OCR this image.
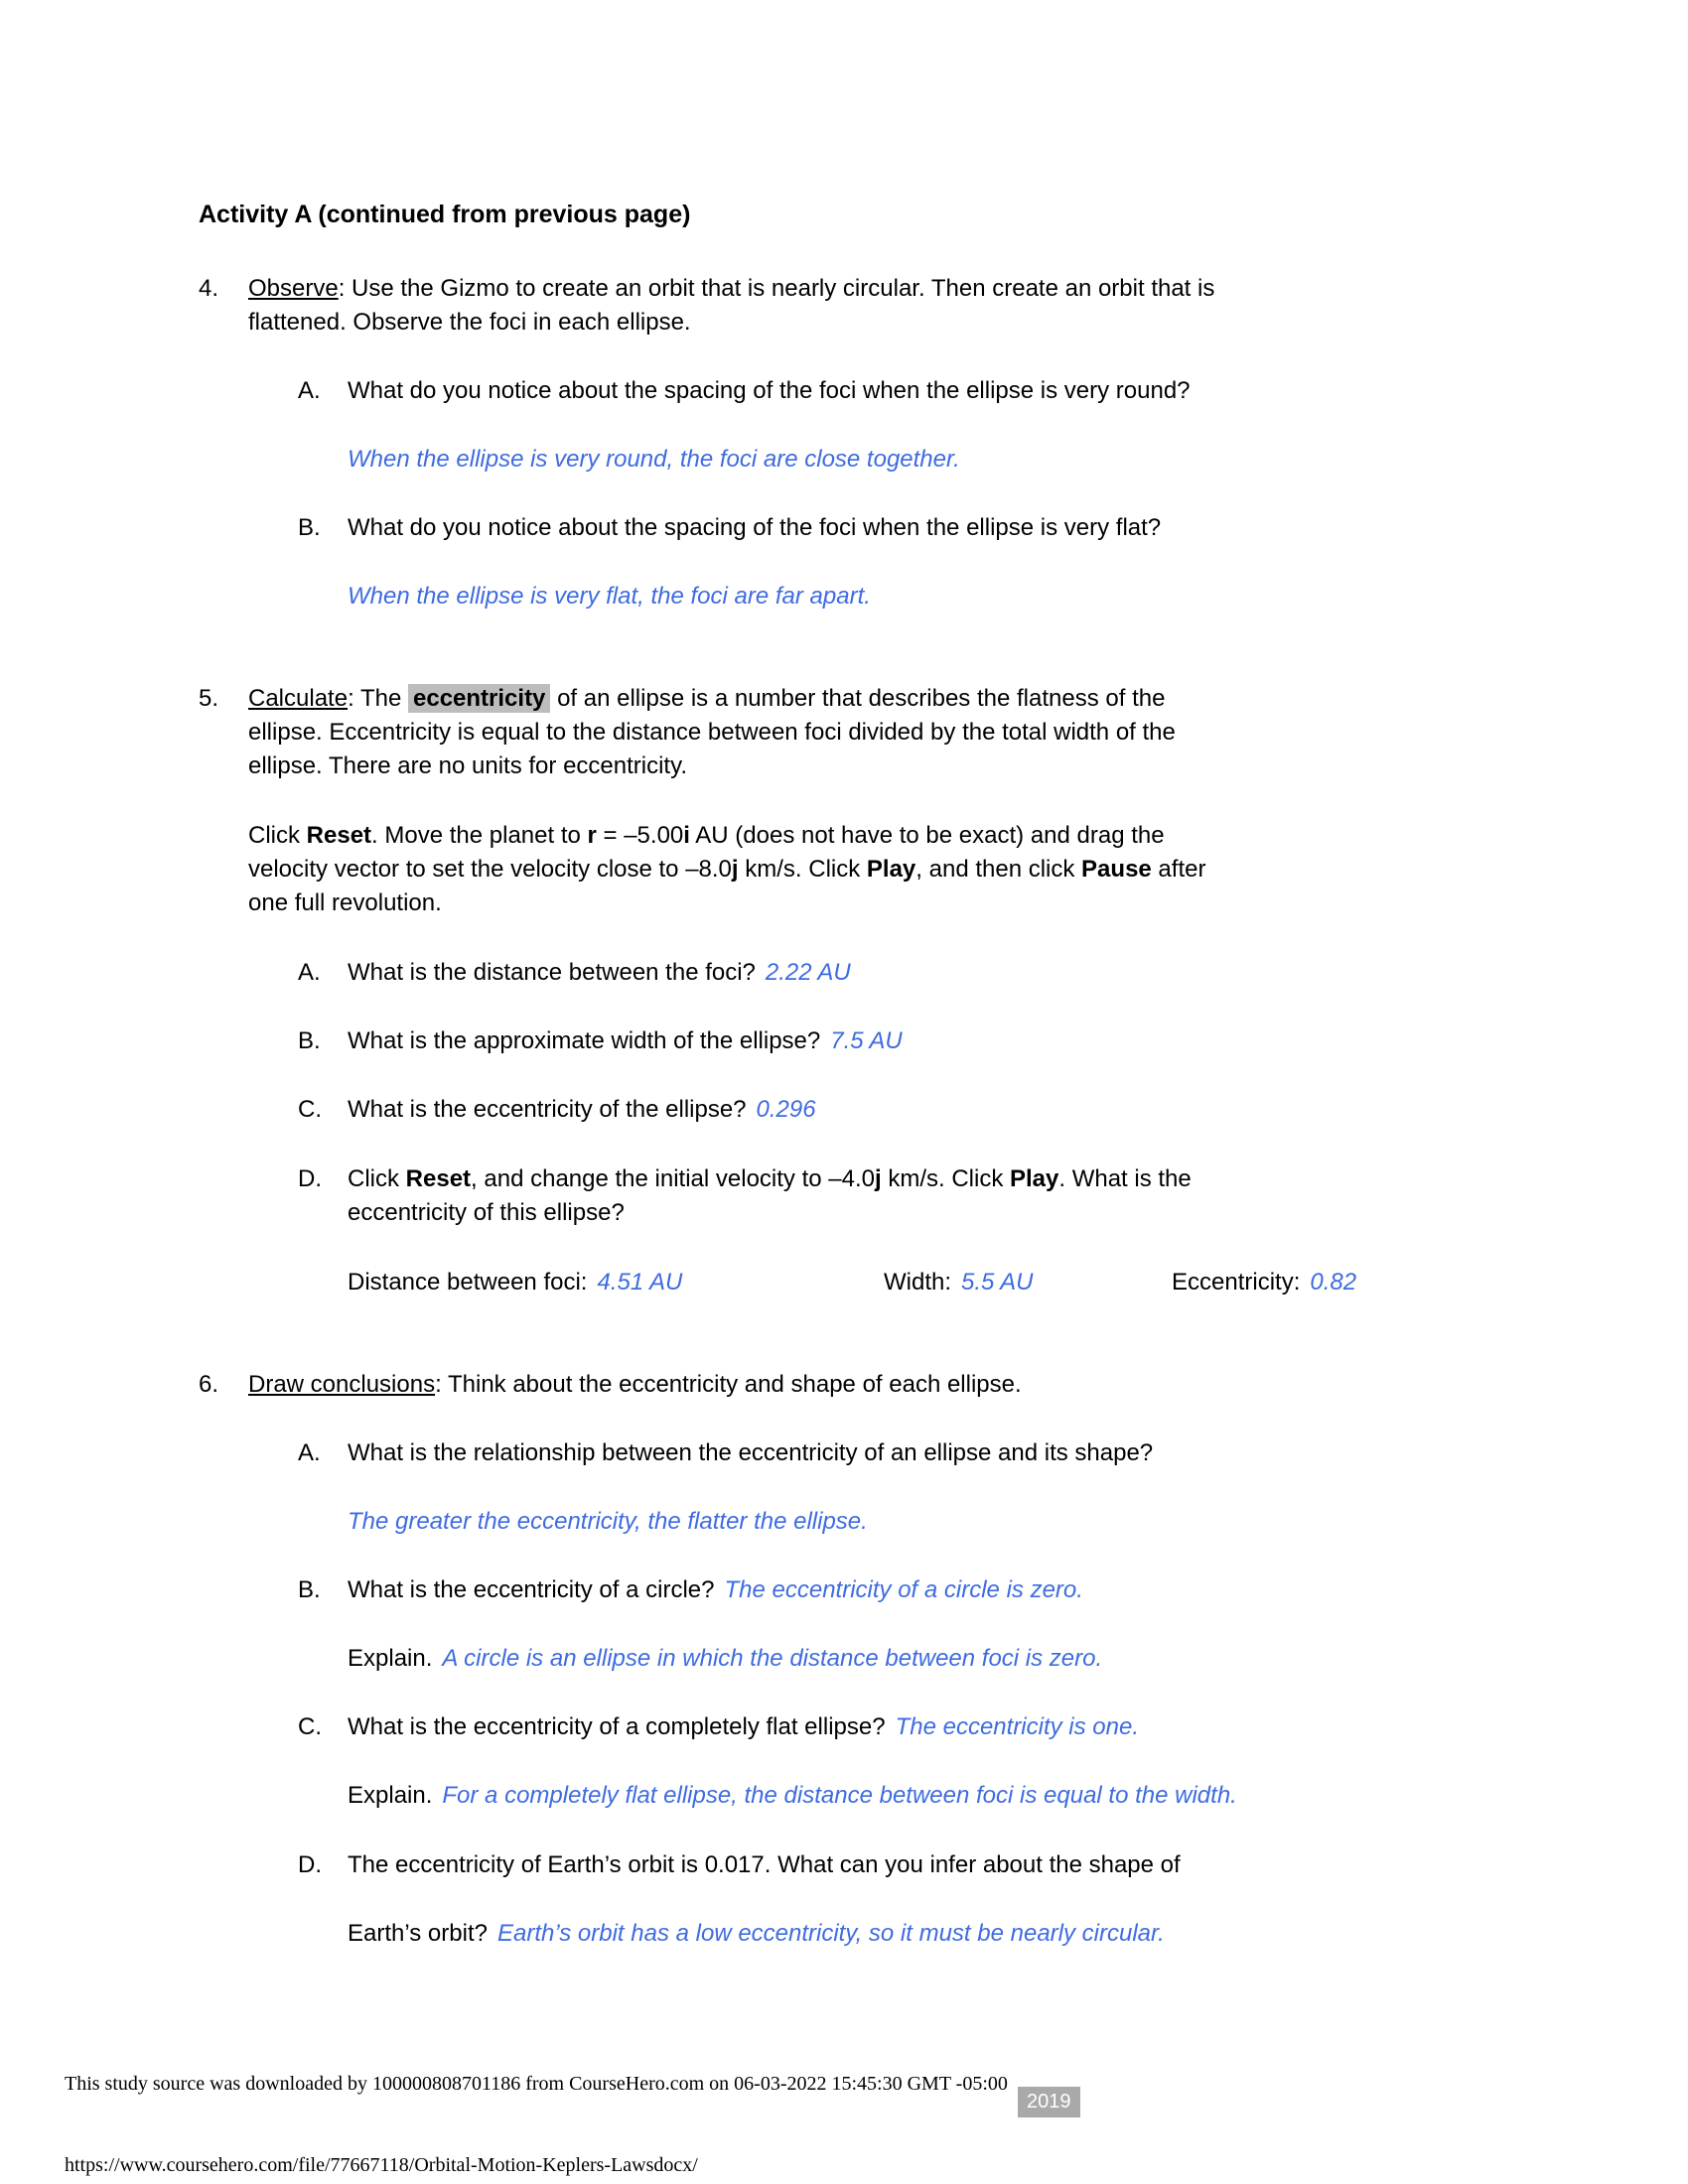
Activity A (continued from previous page)
4. Observe: Use the Gizmo to create an orbit that is nearly circular. Then create an orbit that is
flattened. Observe the foci in each ellipse.
A. What do you notice about the spacing of the foci when the ellipse is very round?
When the ellipse is very round, the foci are close together.
B. What do you notice about the spacing of the foci when the ellipse is very flat?
When the ellipse is very flat, the foci are far apart.
5. Calculate: The eccentricity of an ellipse is a number that describes the flatness of the
ellipse. Eccentricity is equal to the distance between foci divided by the total width of the
ellipse. There are no units for eccentricity.
Click Reset. Move the planet to r = –5.00i AU (does not have to be exact) and drag the
velocity vector to set the velocity close to –8.0j km/s. Click Play, and then click Pause after
one full revolution.
A. What is the distance between the foci? 2.22 AU
B. What is the approximate width of the ellipse? 7.5 AU
C. What is the eccentricity of the ellipse? 0.296
D. Click Reset, and change the initial velocity to –4.0j km/s. Click Play. What is the
eccentricity of this ellipse?
Distance between foci: 4.51 AU	Width: 5.5 AU	Eccentricity: 0.82
6. Draw conclusions: Think about the eccentricity and shape of each ellipse.
A. What is the relationship between the eccentricity of an ellipse and its shape?
The greater the eccentricity, the flatter the ellipse.
B. What is the eccentricity of a circle? The eccentricity of a circle is zero.
Explain. A circle is an ellipse in which the distance between foci is zero.
C. What is the eccentricity of a completely flat ellipse? The eccentricity is one.
Explain. For a completely flat ellipse, the distance between foci is equal to the width.
D. The eccentricity of Earth’s orbit is 0.017. What can you infer about the shape of
Earth’s orbit? Earth’s orbit has a low eccentricity, so it must be nearly circular.
This study source was downloaded by 100000808701186 from CourseHero.com on 06-03-2022 15:45:30 GMT -05:00
2019
https://www.coursehero.com/file/77667118/Orbital-Motion-Keplers-Lawsdocx/
